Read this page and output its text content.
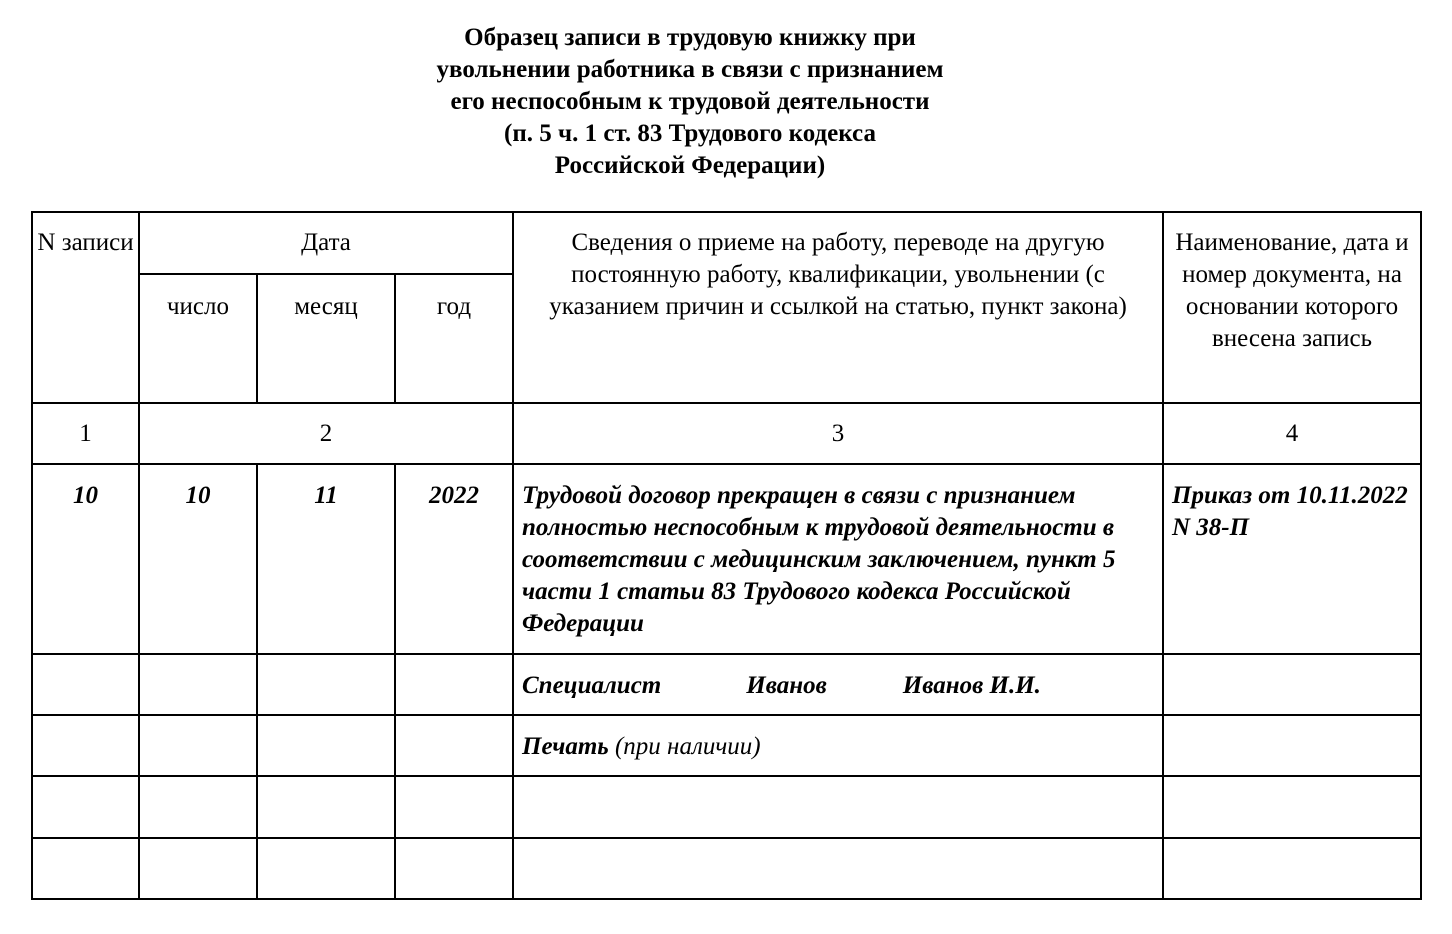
Образец записи в трудовую книжку при
увольнении работника в связи с признанием
его неспособным к трудовой деятельности
(п. 5 ч. 1 ст. 83 Трудового кодекса
Российской Федерации)
N записи	Дата			Сведения о приеме на работу, переводе на другую постоянную работу, квалификации, увольнении (с указанием причин и ссылкой на статью, пункт закона)	Наименование, дата и номер документа, на основании которого внесена запись
	число	месяц	год		
1	2			3	4
10	10	11	2022	Трудовой договор прекращен в связи с признанием полностью неспособным к трудовой деятельности в соответствии с медицинским заключением, пункт 5 части 1 статьи 83 Трудового кодекса Российской Федерации	Приказ от 10.11.2022 N 38-П
				Специалист Иванов Иванов И.И.	
				Печать (при наличии)	
